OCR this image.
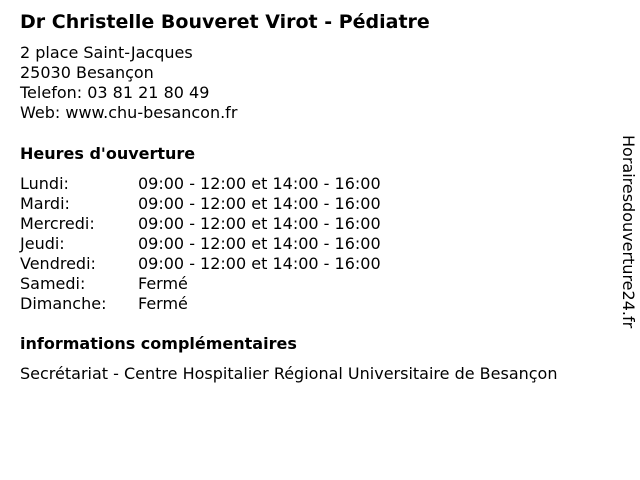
Dr Christelle Bouveret Virot - Pédiatre
2 place Saint-Jacques
25030 Besançon
Telefon: 03 81 21 80 49
Web: www.chu-besancon.fr
Heures d'ouverture
Lundi:	09:00 - 12:00 et 14:00 - 16:00
Mardi:	09:00 - 12:00 et 14:00 - 16:00
Mercredi:	09:00 - 12:00 et 14:00 - 16:00
Jeudi:	09:00 - 12:00 et 14:00 - 16:00
Vendredi:	09:00 - 12:00 et 14:00 - 16:00
Samedi:	Fermé
Dimanche:	Fermé
informations complémentaires
Secrétariat - Centre Hospitalier Régional Universitaire de Besançon
Horairesdouverture24.fr
